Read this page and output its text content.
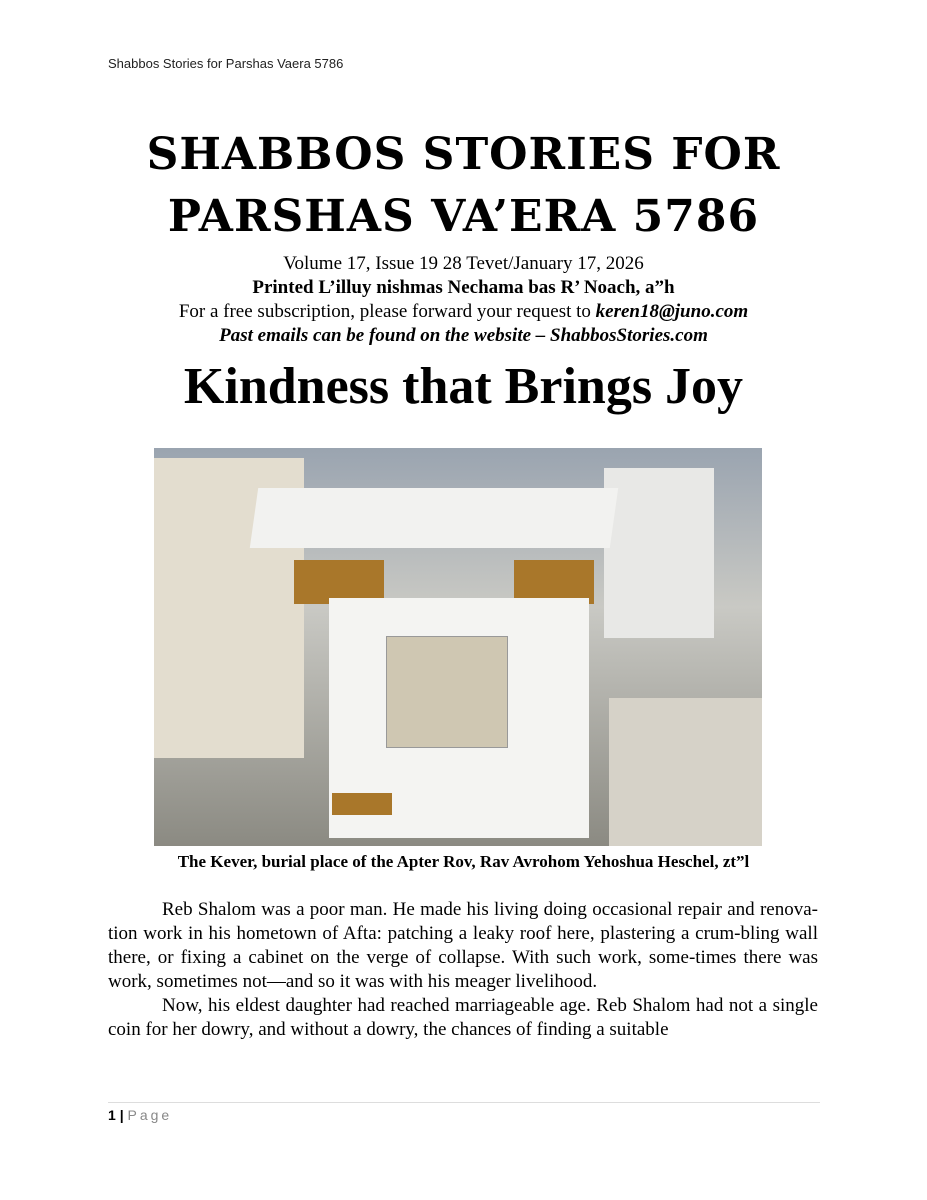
Shabbos Stories for Parshas Vaera 5786
SHABBOS STORIES FOR
PARSHAS VA’ERA 5786
Volume 17, Issue 19 28 Tevet/January 17, 2026
Printed L’illuy nishmas Nechama bas R’ Noach, a”h
For a free subscription, please forward your request to keren18@juno.com
Past emails can be found on the website – ShabbosStories.com
Kindness that Brings Joy
The Kever, burial place of the Apter Rov, Rav Avrohom Yehoshua Heschel, zt”l

Reb Shalom was a poor man. He made his living doing occasional repair and renova-tion work in his hometown of Afta: patching a leaky roof here, plastering a crum-bling wall there, or fixing a cabinet on the verge of collapse. With such work, some-times there was work, sometimes not—and so it was with his meager livelihood.

Now, his eldest daughter had reached marriageable age. Reb Shalom had not a single coin for her dowry, and without a dowry, the chances of finding a suitable

1 | Page
